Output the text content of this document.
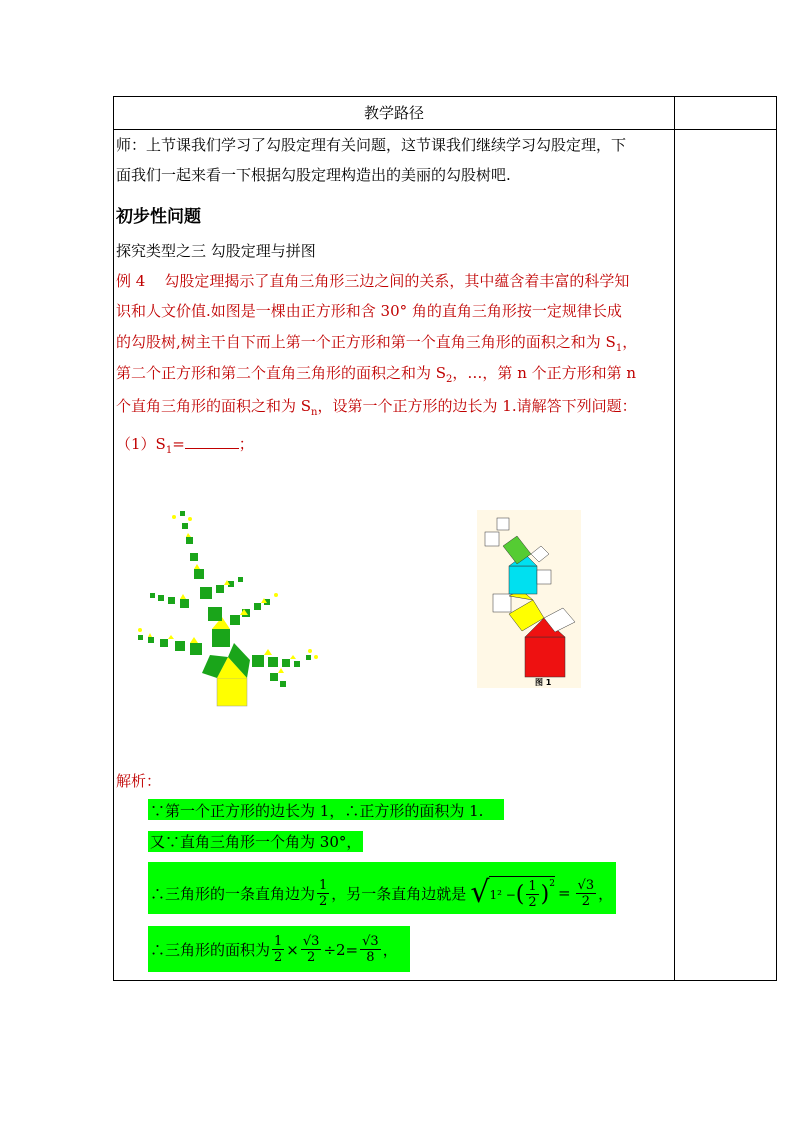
教学路径
师：上节课我们学习了勾股定理有关问题，这节课我们继续学习勾股定理，下
面我们一起来看一下根据勾股定理构造出的美丽的勾股树吧.
初步性问题
探究类型之三 勾股定理与拼图
例 4 勾股定理揭示了直角三角形三边之间的关系，其中蕴含着丰富的科学知
识和人文价值.如图是一棵由正方形和含 30° 角的直角三角形按一定规律长成
的勾股树,树主干自下而上第一个正方形和第一个直角三角形的面积之和为 $S_1$，
第二个正方形和第二个直角三角形的面积之和为 $S_2$，…，第 n 个正方形和第 n
个直角三角形的面积之和为 $S_n$，设第一个正方形的边长为 1.请解答下列问题：
$(1)S_1=$	；
图 1
解析：
∵第一个正方形的边长为 1，∴正方形的面积为 1.
又∵直角三角形一个角为 30°，
∴三角形的一条直角边为 $\frac{1}{2}$ ，另一条直角边就是 √ 1² − ( $\frac{1}{2}$ ) $2 = \frac{√3}{2}$ ，
∴三角形的面积为 $\frac{1}{2} \times \frac{√3}{2} \div 2= \frac{√3}{8}$ ，
